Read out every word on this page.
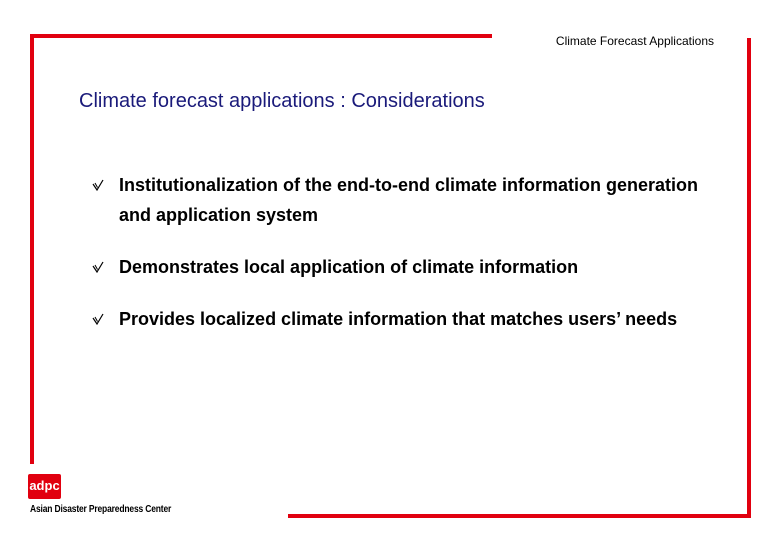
Climate Forecast Applications
Climate forecast applications : Considerations
Institutionalization of the end-to-end climate information generation and application system
Demonstrates local application of climate information
Provides localized climate information that matches users’ needs
adpc
Asian Disaster Preparedness Center
